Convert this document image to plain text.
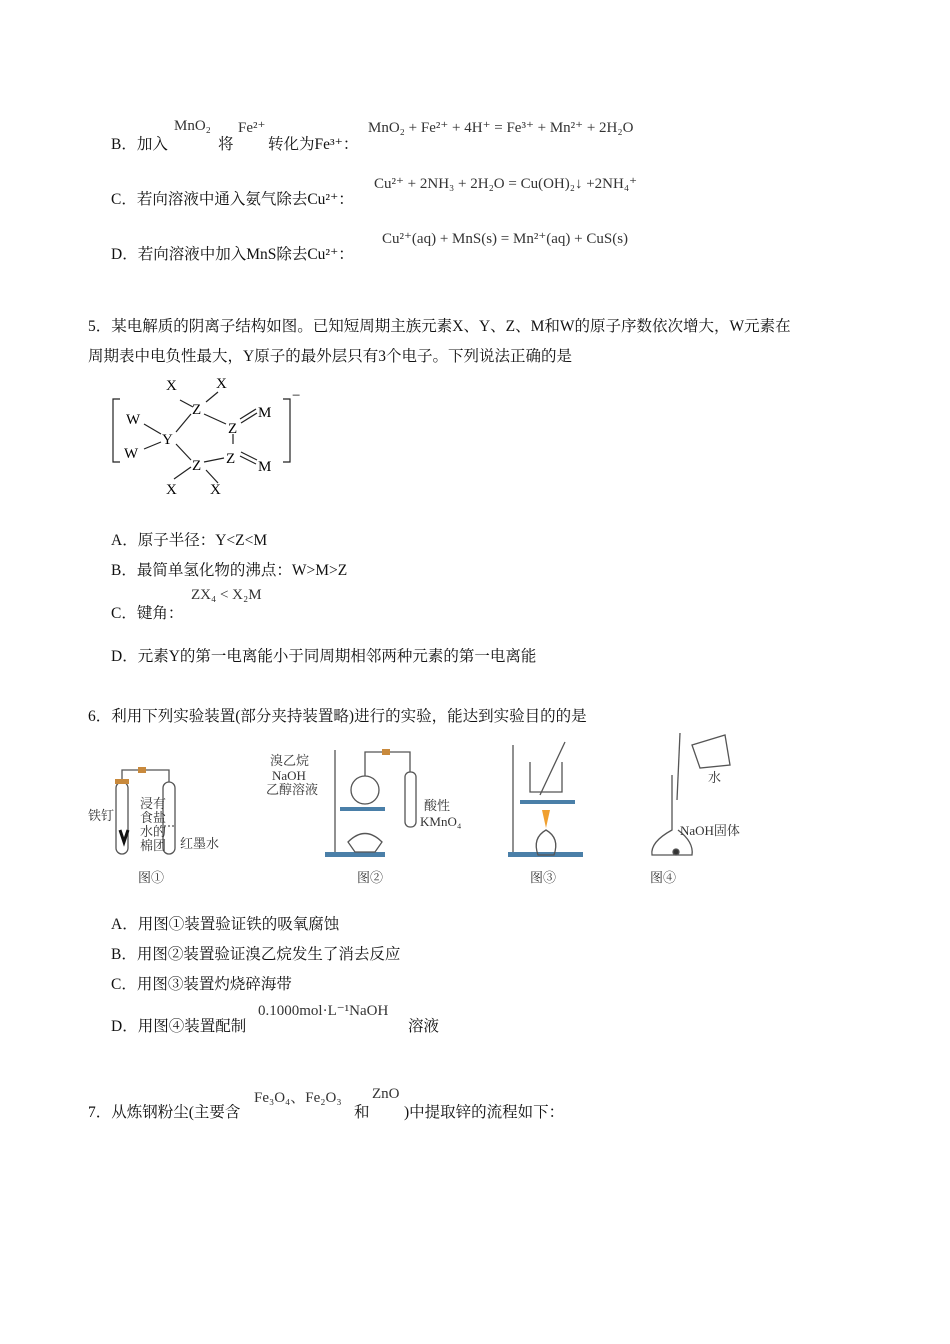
B．加入
MnO₂
将
Fe²⁺
转化为Fe³⁺：
MnO₂ + Fe²⁺ + 4H⁺ = Fe³⁺ + Mn²⁺ + 2H₂O
C．若向溶液中通入氨气除去Cu²⁺：
Cu²⁺ + 2NH₃ + 2H₂O = Cu(OH)₂↓ +2NH₄⁺
D．若向溶液中加入MnS除去Cu²⁺：
Cu²⁺(aq) + MnS(s) = Mn²⁺(aq) + CuS(s)
5．某电解质的阴离子结构如图。已知短周期主族元素X、Y、Z、M和W的原子序数依次增大，W元素在
周期表中电负性最大，Y原子的最外层只有3个电子。下列说法正确的是
X	X
W
W
Y
Z
Z
Z Z
M
M
X X
−
A．原子半径：Y<Z<M
B．最简单氢化物的沸点：W>M>Z
C．键角：
ZX₄ < X₂M
D．元素Y的第一电离能小于同周期相邻两种元素的第一电离能
6．利用下列实验装置(部分夹持装置略)进行的实验，能达到实验目的的是
铁钉
浸 有
食 盐
水 的
棉 团 红墨水
图①
溴乙烷
NaOH
乙醇溶液
酸性
KMnO₄
图②	图③
水
NaOH固体
图④
A．用图①装置验证铁的吸氧腐蚀
B．用图②装置验证溴乙烷发生了消去反应
C．用图③装置灼烧碎海带
D．用图④装置配制
0.1000mol·L⁻¹NaOH
溶液
7．从炼钢粉尘(主要含
Fe₃O₄、Fe₂O₃
和
ZnO
)中提取锌的流程如下：
